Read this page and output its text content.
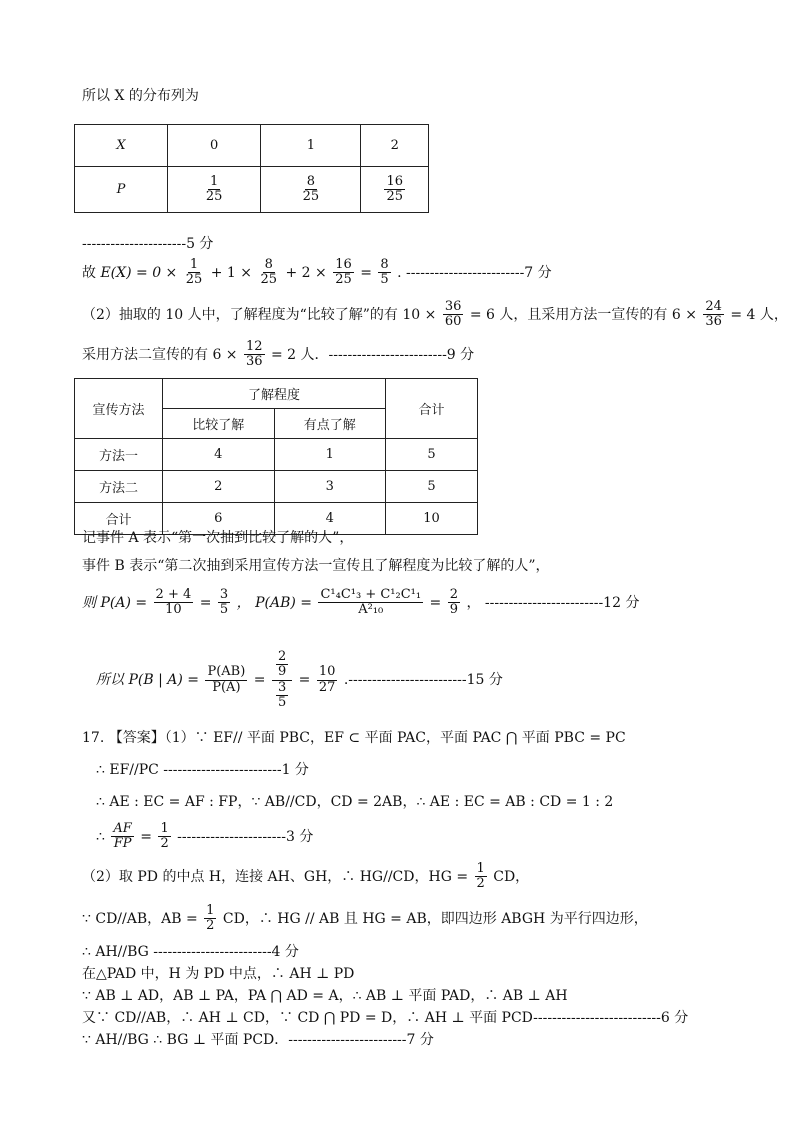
所以 X 的分布列为
X	0	1	2
P	$\frac{1}{25}$	$\frac{8}{25}$	$\frac{16}{25}$
----------------------5 分
故 $E(X) = 0 \times \frac{1}{25} + 1 \times \frac{8}{25} + 2 \times \frac{16}{25} = \frac{8}{5}$ . -------------------------7 分
（2）抽取的 10 人中，了解程度为“比较了解”的有 $10 \times \frac{36}{60} = 6$ 人，且采用方法一宣传的有 $6 \times \frac{24}{36} = 4$ 人，
采用方法二宣传的有 $6 \times \frac{12}{36} = 2$ 人．-------------------------9 分
宣传方法	了解程度		合计
	比较了解	有点了解	
方法一	4	1	5
方法二	2	3	5
合计	6	4	10
记事件 A 表示“第一次抽到比较了解的人”，
事件 B 表示“第二次抽到采用宣传方法一宣传且了解程度为比较了解的人”，
则 $P(A) = \frac{2 + 4}{10} = \frac{3}{5}$ ， $P(AB) = \frac{\text{C¹₄C¹₃ + C¹₂C¹₁}}{\text{A²₁₀}} = \frac{2}{9}$ ， -------------------------12 分
所以 P(B | $A) = \frac{P(AB)}{P(A)} = \frac{\frac{2}{9}}{\frac{3}{5}} = \frac{10}{27} .-------------------------15$ 分
17. 【答案】（1）∵ EF// 平面 PBC，EF ⊂ 平面 PAC，平面 PAC ⋂ 平面 PBC = PC
∴ EF//PC -------------------------1 分
∴ AE : EC = AF : FP，∵ AB//CD，CD = 2AB，∴ AE : EC = AB : CD = 1 : 2
∴ $\frac{AF}{FP} = \frac{1}{2} -----------------------3$ 分
（2）取 PD 的中点 H，连接 AH、GH，∴ HG//CD，HG = $\frac{1}{2}$ CD，
∵ CD//AB，AB = $\frac{1}{2}$ CD，∴ HG // AB 且 HG = AB，即四边形 ABGH 为平行四边形，
∴ AH//BG -------------------------4 分
在△PAD 中，H 为 PD 中点，∴ AH ⊥ PD
∵ AB ⊥ AD，AB ⊥ PA，PA ⋂ AD = A，∴ AB ⊥ 平面 PAD，∴ AB ⊥ AH
又∵ CD//AB，∴ AH ⊥ CD，∵ CD ⋂ PD = D，∴ AH ⊥ 平面 PCD---------------------------6 分
∵ AH//BG ∴ BG ⊥ 平面 PCD．-------------------------7 分
